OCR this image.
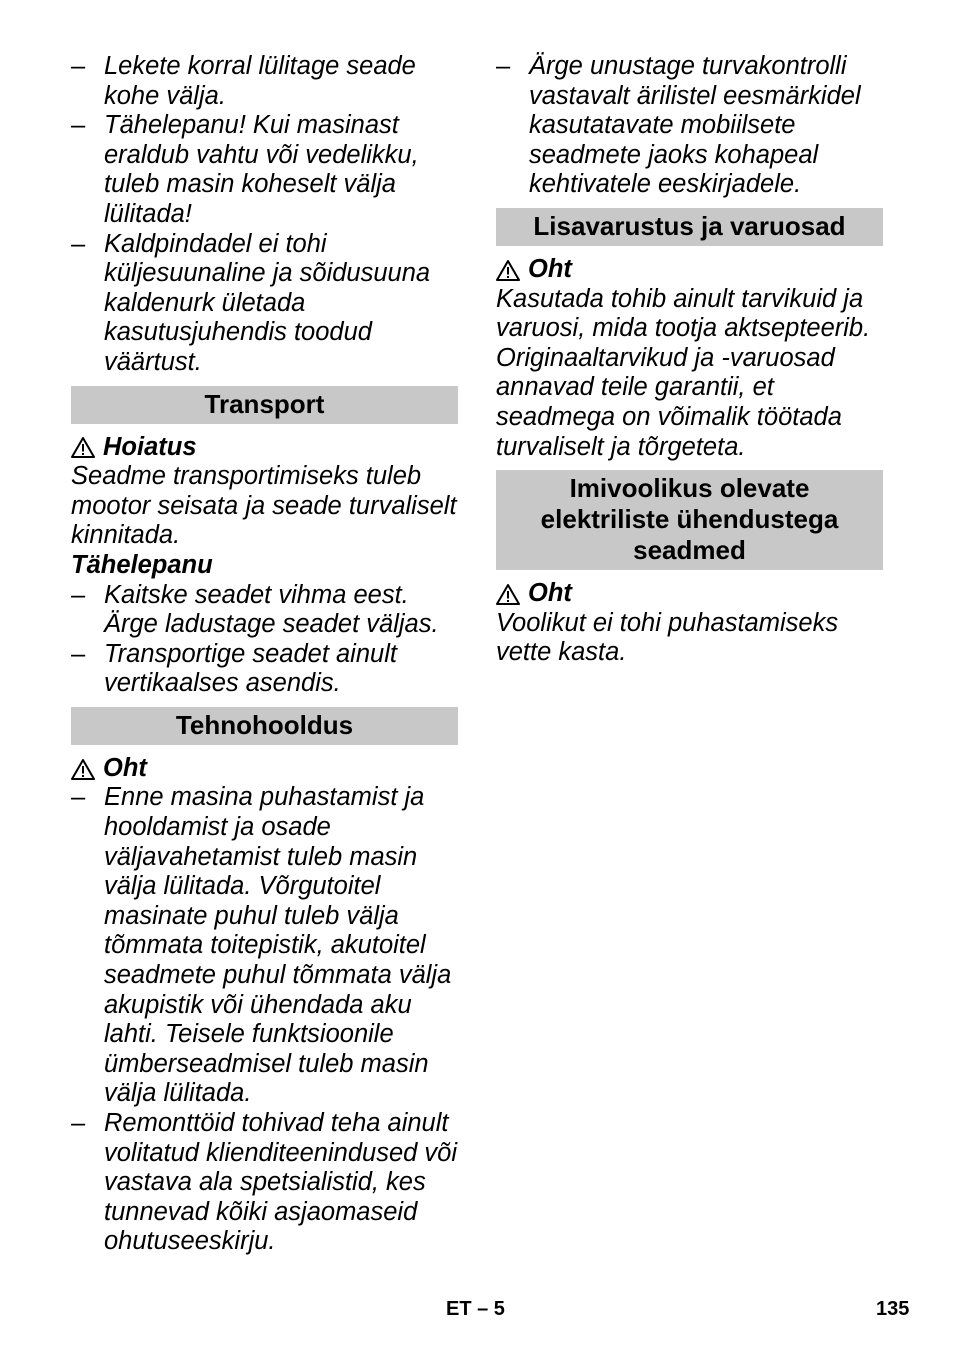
– Lekete korral lülitage seade kohe välja.
– Tähelepanu! Kui masinast eraldub vahtu või vedelikku, tuleb masin koheselt välja lülitada!
– Kaldpindadel ei tohi küljesuunaline ja sõidusuuna kaldenurk ületada kasutusjuhendis toodud väärtust.
Transport
Hoiatus

Seadme transportimiseks tuleb mootor seisata ja seade turvaliselt kinnitada.

Tähelepanu
– Kaitske seadet vihma eest. Ärge ladustage seadet väljas.
– Transportige seadet ainult vertikaalses asendis.
Tehnohooldus
Oht
– Enne masina puhastamist ja hooldamist ja osade väljavahetamist tuleb masin välja lülitada. Võrgutoitel masinate puhul tuleb välja tõmmata toitepistik, akutoitel seadmete puhul tõmmata välja akupistik või ühendada aku lahti. Teisele funktsioonile ümberseadmisel tuleb masin välja lülitada.
– Remonttöid tohivad teha ainult volitatud klienditeenindused või vastava ala spetsialistid, kes tunnevad kõiki asjaomaseid ohutuseeskirju.
– Ärge unustage turvakontrolli vastavalt ärilistel eesmärkidel kasutatavate mobiilsete seadmete jaoks kohapeal kehtivatele eeskirjadele.
Lisavarustus ja varuosad
Oht

Kasutada tohib ainult tarvikuid ja varuosi, mida tootja aktsepteerib. Originaaltarvikud ja -varuosad annavad teile garantii, et seadmega on võimalik töötada turvaliselt ja tõrgeteta.

Imivoolikus olevate elektriliste ühendustega seadmed
Oht

Voolikut ei tohi puhastamiseks vette kasta.

ET – 5	135
